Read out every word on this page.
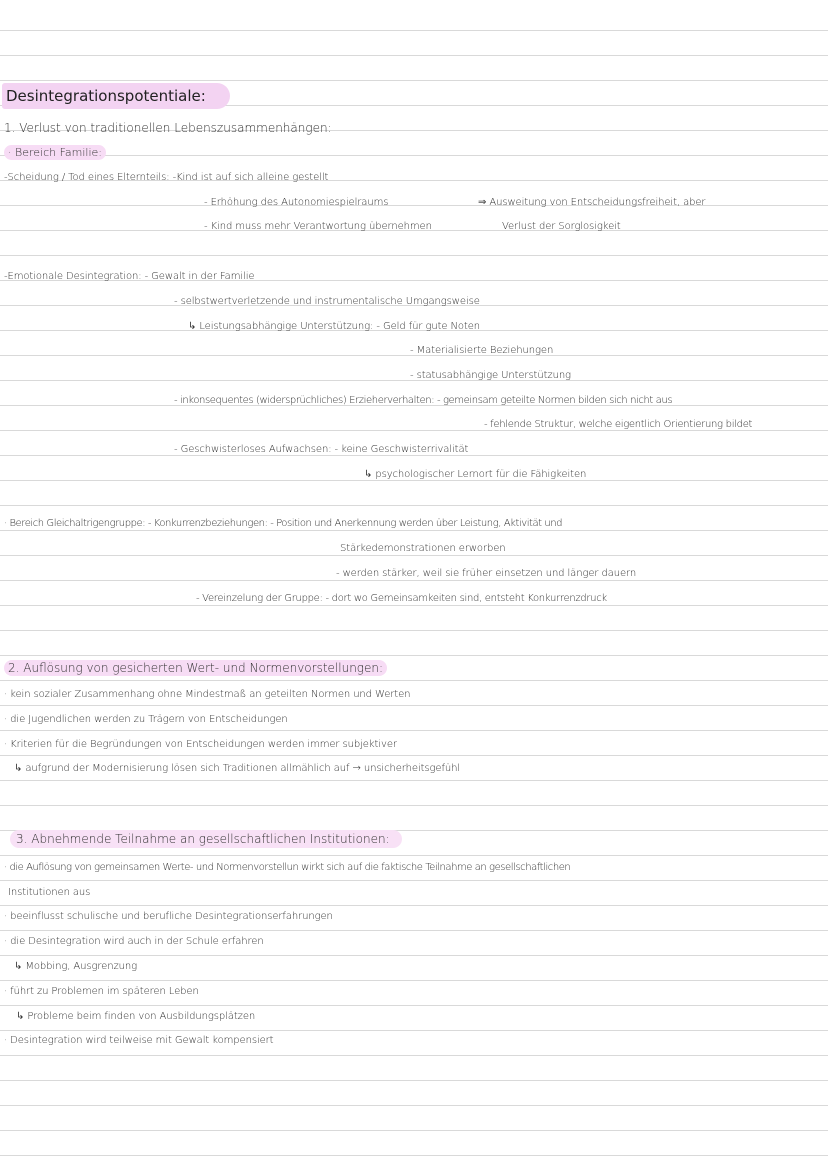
Desintegrationspotentiale:
1. Verlust von traditionellen Lebenszusammenhängen:
· Bereich Familie:
-Scheidung / Tod eines Elternteils: -Kind ist auf sich alleine gestellt
- Erhöhung des Autonomiespielraums	⇒ Ausweitung von Entscheidungsfreiheit, aber
- Kind muss mehr Verantwortung übernehmen	Verlust der Sorglosigkeit
-Emotionale Desintegration: - Gewalt in der Familie
- selbstwertverletzende und instrumentalische Umgangsweise
↳ Leistungsabhängige Unterstützung: - Geld für gute Noten
- Materialisierte Beziehungen
- statusabhängige Unterstützung
- inkonsequentes (widersprüchliches) Erzieherverhalten: - gemeinsam geteilte Normen bilden sich nicht aus
- fehlende Struktur, welche eigentlich Orientierung bildet
- Geschwisterloses Aufwachsen: - keine Geschwisterrivalität
↳ psychologischer Lernort für die Fähigkeiten
· Bereich Gleichaltrigengruppe: - Konkurrenzbeziehungen: - Position und Anerkennung werden über Leistung, Aktivität und
Stärkedemonstrationen erworben
- werden stärker, weil sie früher einsetzen und länger dauern
- Vereinzelung der Gruppe: - dort wo Gemeinsamkeiten sind, entsteht Konkurrenzdruck
2. Auflösung von gesicherten Wert- und Normenvorstellungen:
· kein sozialer Zusammenhang ohne Mindestmaß an geteilten Normen und Werten
· die Jugendlichen werden zu Trägern von Entscheidungen
· Kriterien für die Begründungen von Entscheidungen werden immer subjektiver
↳ aufgrund der Modernisierung lösen sich Traditionen allmählich auf → unsicherheitsgefühl
3. Abnehmende Teilnahme an gesellschaftlichen Institutionen:
· die Auflösung von gemeinsamen Werte- und Normenvorstellun wirkt sich auf die faktische Teilnahme an gesellschaftlichen
Institutionen aus
· beeinflusst schulische und berufliche Desintegrationserfahrungen
· die Desintegration wird auch in der Schule erfahren
↳ Mobbing, Ausgrenzung
· führt zu Problemen im späteren Leben
↳ Probleme beim finden von Ausbildungsplätzen
· Desintegration wird teilweise mit Gewalt kompensiert
